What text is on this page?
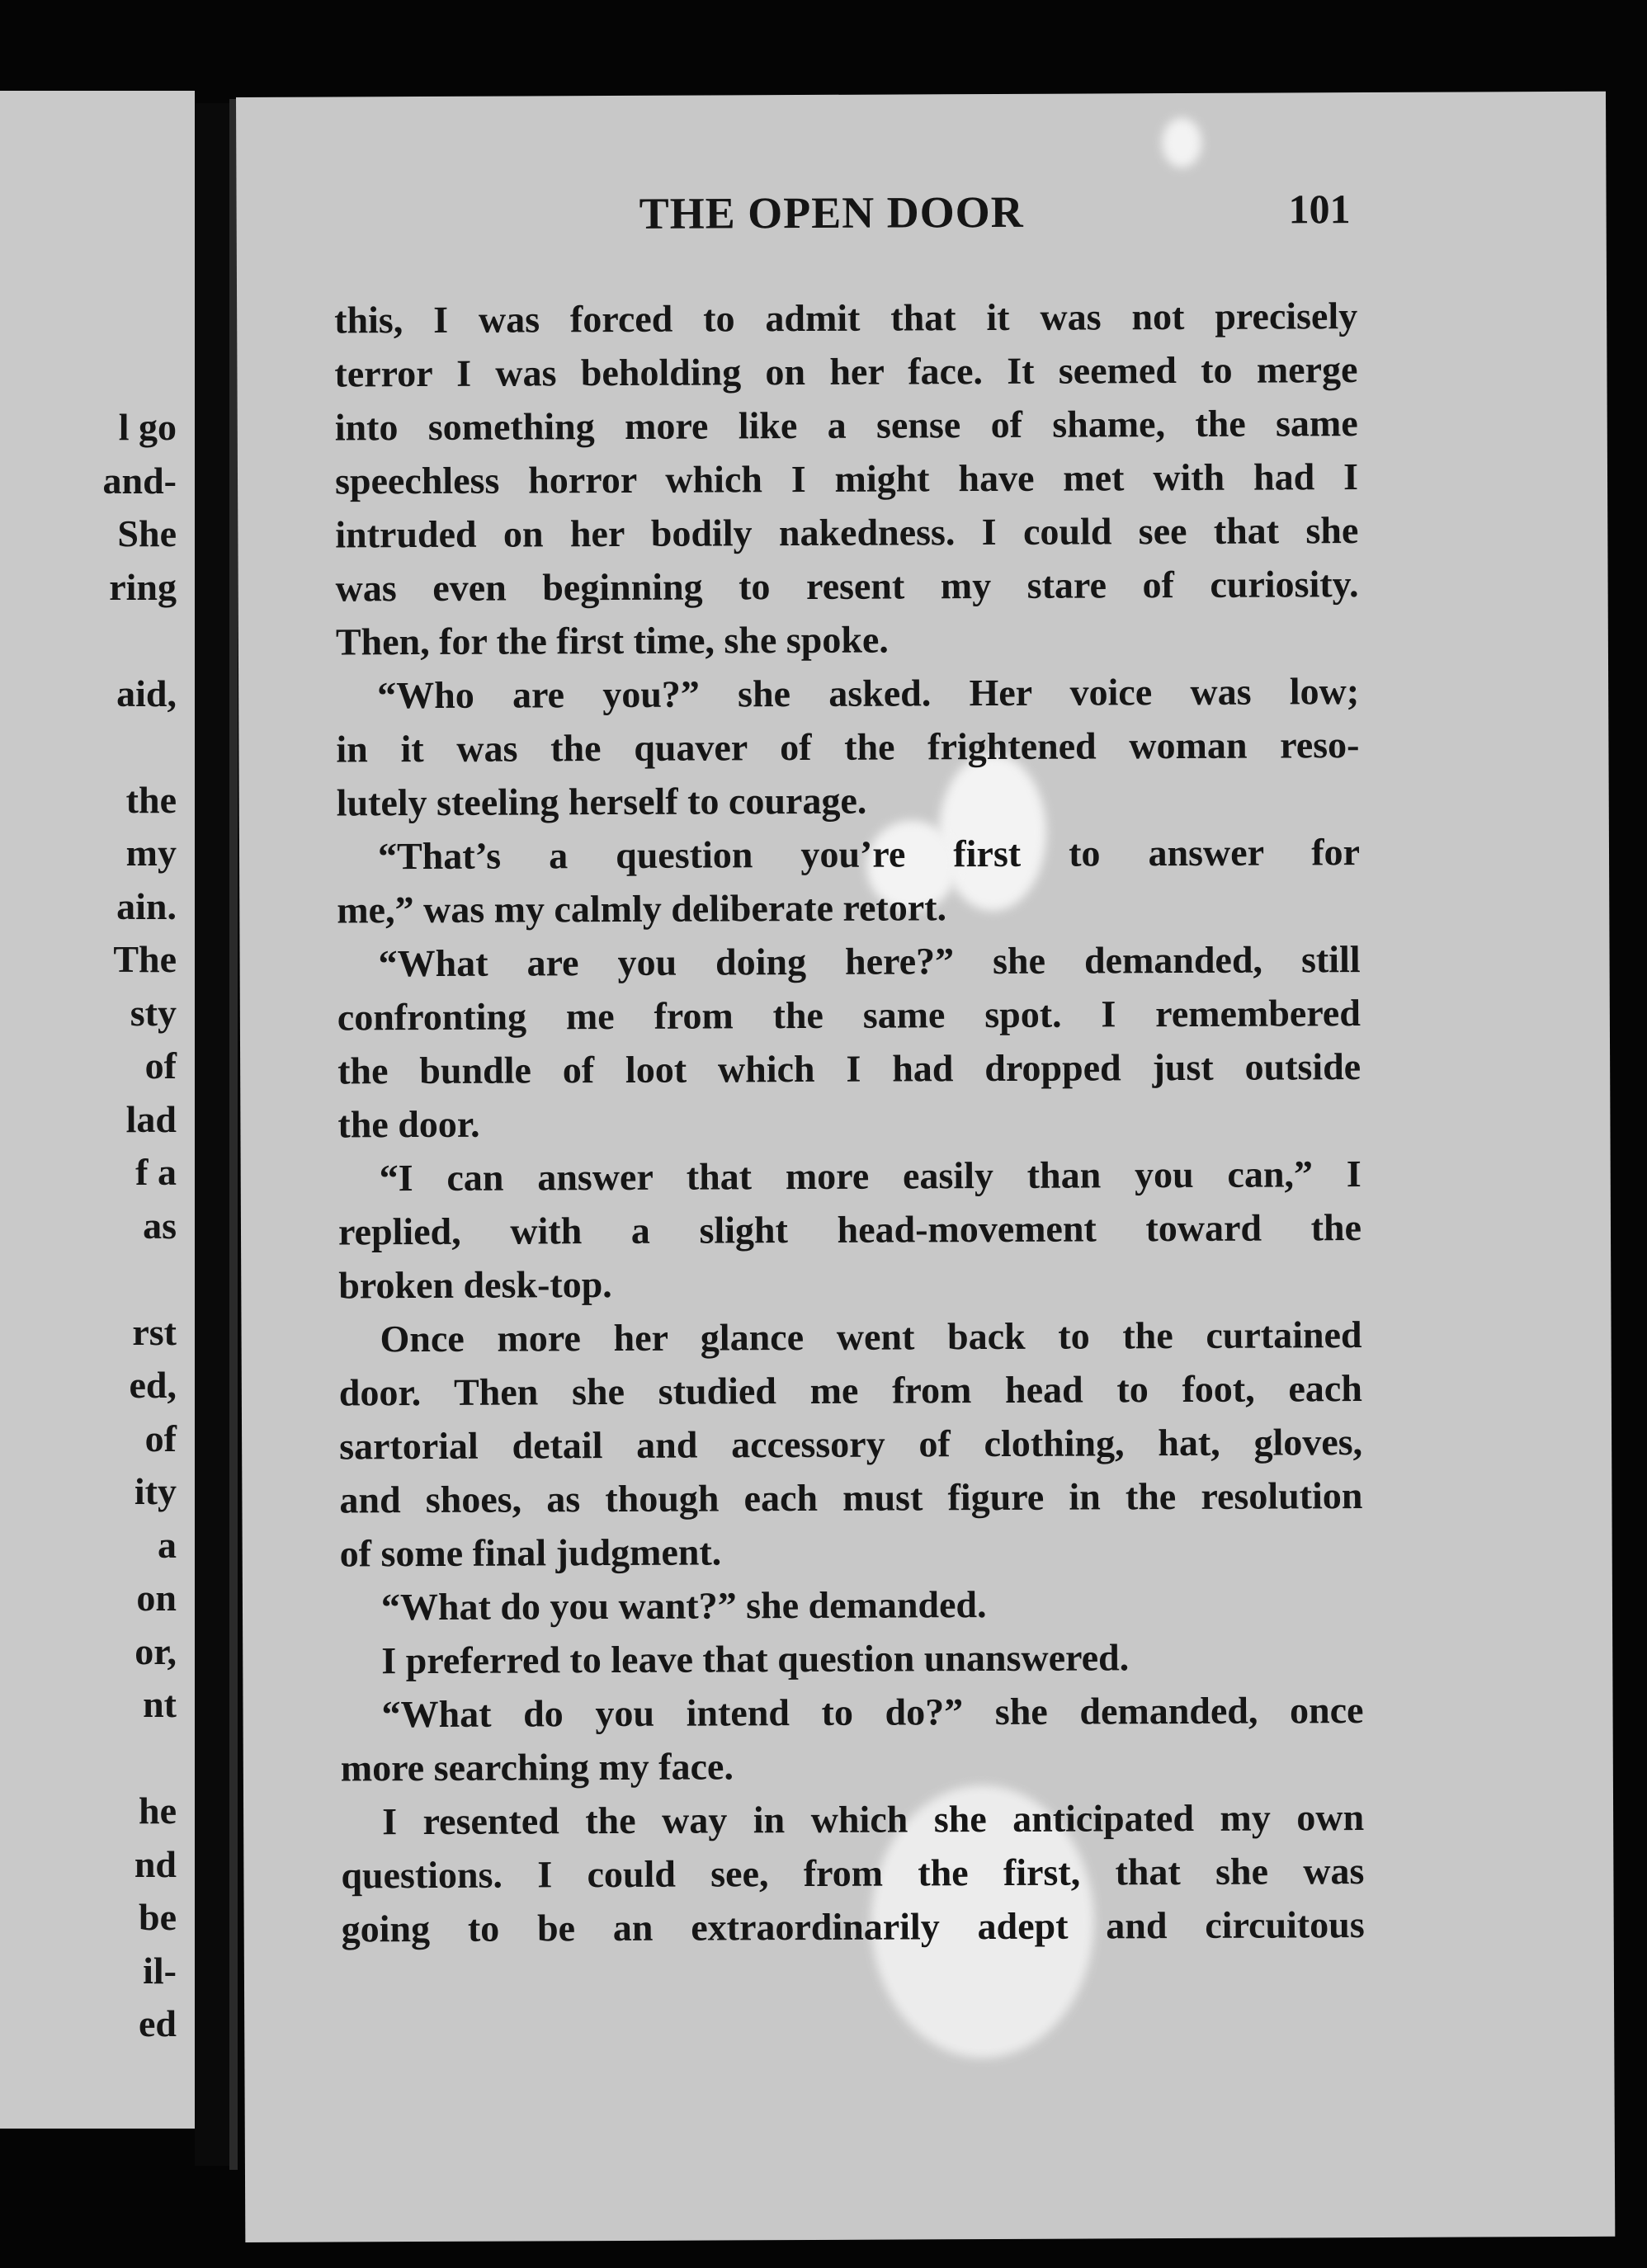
l go
and-
She
ring
aid,
the
my
ain.
The
sty
of
lad
f a
as
rst
ed,
of
ity
a
on
or,
nt
he
nd
be
il-
ed
THE OPEN DOOR	101
this, I was forced to admit that it was not precisely
terror I was beholding on her face. It seemed to merge
into something more like a sense of shame, the same
speechless horror which I might have met with had I
intruded on her bodily nakedness. I could see that she
was even beginning to resent my stare of curiosity.
Then, for the first time, she spoke.
“Who are you?” she asked. Her voice was low;
in it was the quaver of the frightened woman reso-
lutely steeling herself to courage.
“That’s a question you’re first to answer for
me,” was my calmly deliberate retort.
“What are you doing here?” she demanded, still
confronting me from the same spot. I remembered
the bundle of loot which I had dropped just outside
the door.
“I can answer that more easily than you can,” I
replied, with a slight head-movement toward the
broken desk-top.
Once more her glance went back to the curtained
door. Then she studied me from head to foot, each
sartorial detail and accessory of clothing, hat, gloves,
and shoes, as though each must figure in the resolution
of some final judgment.
“What do you want?” she demanded.
I preferred to leave that question unanswered.
“What do you intend to do?” she demanded, once
more searching my face.
I resented the way in which she anticipated my own
questions. I could see, from the first, that she was
going to be an extraordinarily adept and circuitous
